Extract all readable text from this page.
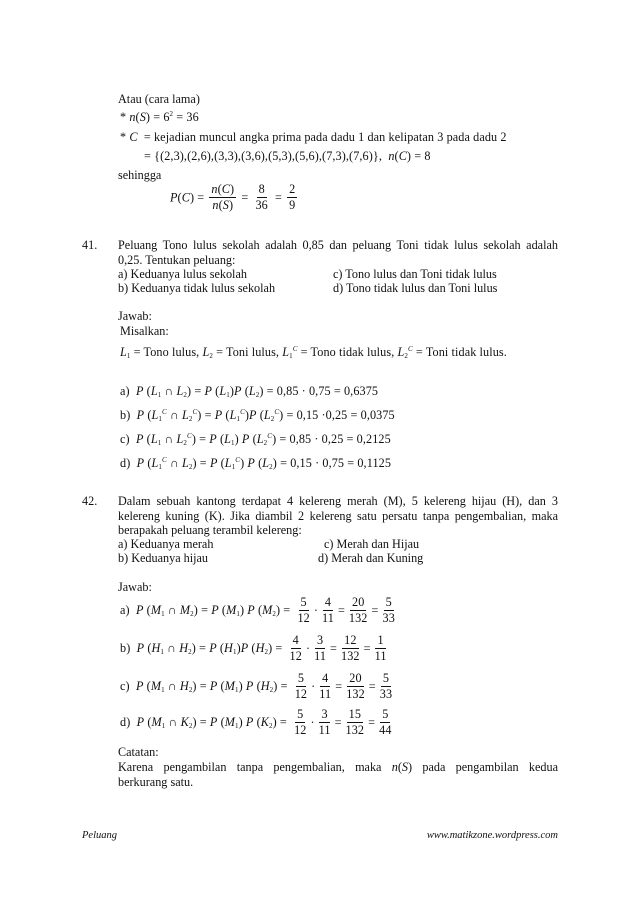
Atau (cara lama)
* $n(S) = 6^2 = 36$
* C  = kejadian muncul angka prima pada dadu 1 dan kelipatan 3 pada dadu 2
= {(2,3),(2,6),(3,3),(3,6),(5,3),(5,6),(7,3),(7,6)},  n(C) = 8
sehingga
$P(C) = \frac{n(C)}{n(S)} = \frac{8}{36} = \frac{2}{9}$
41. Peluang Tono lulus sekolah adalah 0,85 dan peluang Toni tidak lulus sekolah adalah
0,25. Tentukan peluang:
a) Keduanya lulus sekolah	c) Tono lulus dan Toni tidak lulus
b) Keduanya tidak lulus sekolah	d) Tono tidak lulus dan Toni lulus
Jawab:
Misalkan:
$L_1$ = Tono lulus, $L_2$ = Toni lulus, $L_1^C$ = Tono tidak lulus, $L_2^C$ = Toni tidak lulus.
a)  P ($L_1$ ∩ $L_2) = P$ $(L_1)P$ $(L_2) = 0,85 \cdot 0,75 = 0,6375$
b)  P ($L_1^C$ ∩ $L_2^C) = P$ $(L_1^C)P$ $(L_2^C) = 0,15 \cdot 0,25 = 0,0375$
c)  P ($L_1$ ∩ $L_2^C) = P$ $(L_1)$ P $(L_2^C) = 0,85 \cdot 0,25 = 0,2125$
d)  P ($L_1^C$ ∩ $L_2) = P$ $(L_1^C)$ P $(L_2) = 0,15 \cdot 0,75 = 0,1125$
42. Dalam sebuah kantong terdapat 4 kelereng merah (M), 5 kelereng hijau (H), dan 3
kelereng kuning (K). Jika diambil 2 kelereng satu persatu tanpa pengembalian, maka
berapakah peluang terambil kelereng:
a) Keduanya merah	c) Merah dan Hijau
b) Keduanya hijau	d) Merah dan Kuning
Jawab:
a)  P ($M_1$ ∩ $M_2) = P$ $(M_1)$ P $(M_2) = \frac{5}{12} \cdot \frac{4}{11} = \frac{20}{132} = \frac{5}{33}$
b)  P ($H_1$ ∩ $H_2) = P$ $(H_1)P$ $(H_2) = \frac{4}{12} \cdot \frac{3}{11} = \frac{12}{132} = \frac{1}{11}$
c)  P ($M_1$ ∩ $H_2) = P$ $(M_1)$ P $(H_2) = \frac{5}{12} \cdot \frac{4}{11} = \frac{20}{132} = \frac{5}{33}$
d)  P ($M_1$ ∩ $K_2) = P$ $(M_1)$ P $(K_2) = \frac{5}{12} \cdot \frac{3}{11} = \frac{15}{132} = \frac{5}{44}$
Catatan:
Karena  pengambilan  tanpa  pengembalian,  maka  n(S)  pada  pengambilan  kedua
berkurang satu.
Peluang	www.matikzone.wordpress.com
